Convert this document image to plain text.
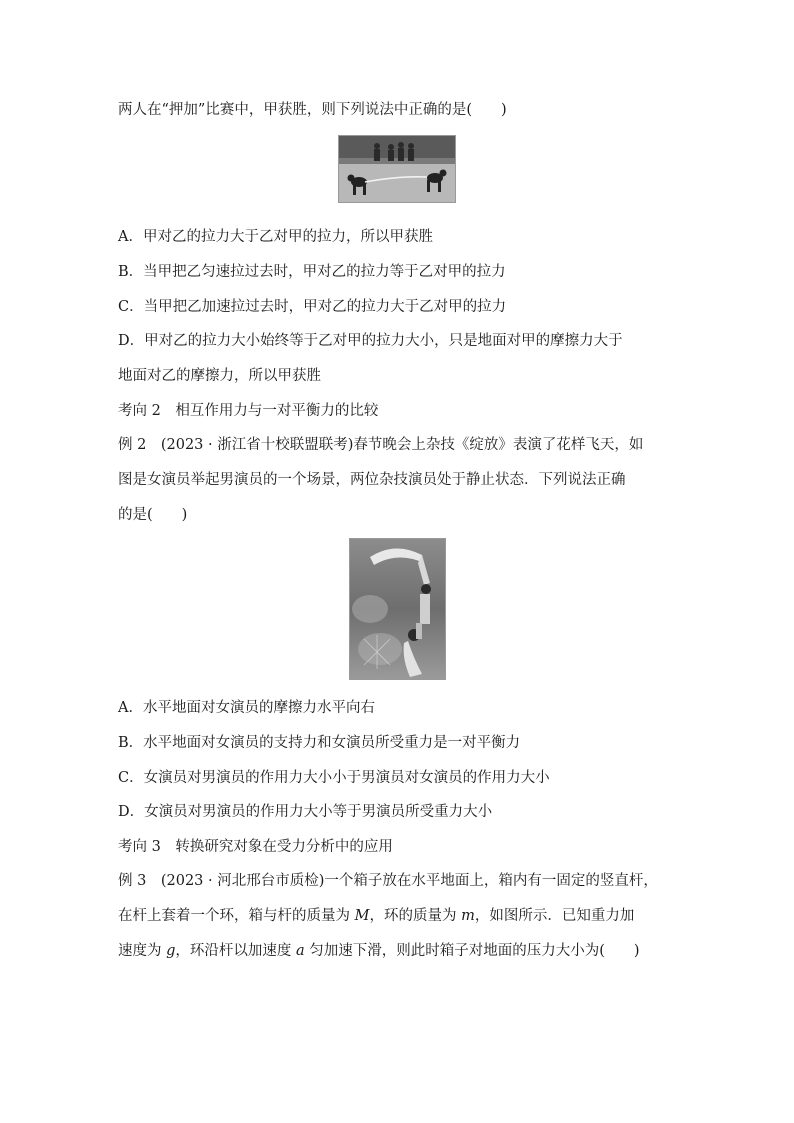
两人在“押加”比赛中，甲获胜，则下列说法中正确的是(　　)
A．甲对乙的拉力大于乙对甲的拉力，所以甲获胜
B．当甲把乙匀速拉过去时，甲对乙的拉力等于乙对甲的拉力
C．当甲把乙加速拉过去时，甲对乙的拉力大于乙对甲的拉力
D．甲对乙的拉力大小始终等于乙对甲的拉力大小，只是地面对甲的摩擦力大于
地面对乙的摩擦力，所以甲获胜
考向 2　相互作用力与一对平衡力的比较
例 2　(2023 · 浙江省十校联盟联考)春节晚会上杂技《绽放》表演了花样飞天，如
图是女演员举起男演员的一个场景，两位杂技演员处于静止状态．下列说法正确
的是(　　)
A．水平地面对女演员的摩擦力水平向右
B．水平地面对女演员的支持力和女演员所受重力是一对平衡力
C．女演员对男演员的作用力大小小于男演员对女演员的作用力大小
D．女演员对男演员的作用力大小等于男演员所受重力大小
考向 3　转换研究对象在受力分析中的应用
例 3　(2023 · 河北邢台市质检)一个箱子放在水平地面上，箱内有一固定的竖直杆，
在杆上套着一个环，箱与杆的质量为 M，环的质量为 m，如图所示．已知重力加
速度为 g，环沿杆以加速度 a 匀加速下滑，则此时箱子对地面的压力大小为(　　)
